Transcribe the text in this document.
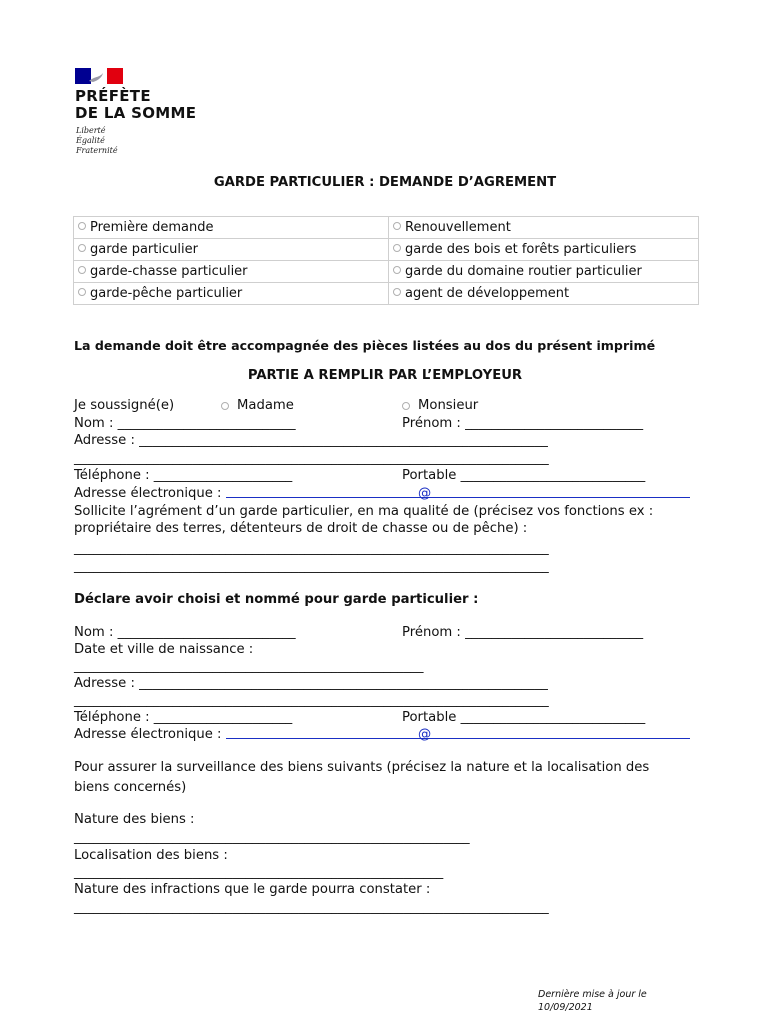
PRÉFÈTE
DE LA SOMME
Liberté
Égalité
Fraternité
GARDE PARTICULIER : DEMANDE D’AGREMENT
Première demande	Renouvellement
garde particulier	garde des bois et forêts particuliers
garde-chasse particulier	garde du domaine routier particulier
garde-pêche particulier	agent de développement
La demande doit être accompagnée des pièces listées au dos du présent imprimé
PARTIE A REMPLIR PAR L’EMPLOYEUR
Je soussigné(e)	Madame	Monsieur
Nom : ___________________________	Prénom : ___________________________
Adresse : ______________________________________________________________
________________________________________________________________________
Téléphone : _____________________	Portable ____________________________
Adresse électronique :	@
Sollicite l’agrément d’un garde particulier, en ma qualité de (précisez vos fonctions ex :
propriétaire des terres, détenteurs de droit de chasse ou de pêche) :
________________________________________________________________________
________________________________________________________________________
Déclare avoir choisi et nommé pour garde particulier :
Nom : ___________________________	Prénom : ___________________________
Date et ville de naissance :
_____________________________________________________
Adresse : ______________________________________________________________
________________________________________________________________________
Téléphone : _____________________	Portable ____________________________
Adresse électronique :	@
Pour assurer la surveillance des biens suivants (précisez la nature et la localisation des
biens concernés)
Nature des biens :
____________________________________________________________
Localisation des biens :
________________________________________________________
Nature des infractions que le garde pourra constater :
________________________________________________________________________
Dernière mise à jour le
10/09/2021
